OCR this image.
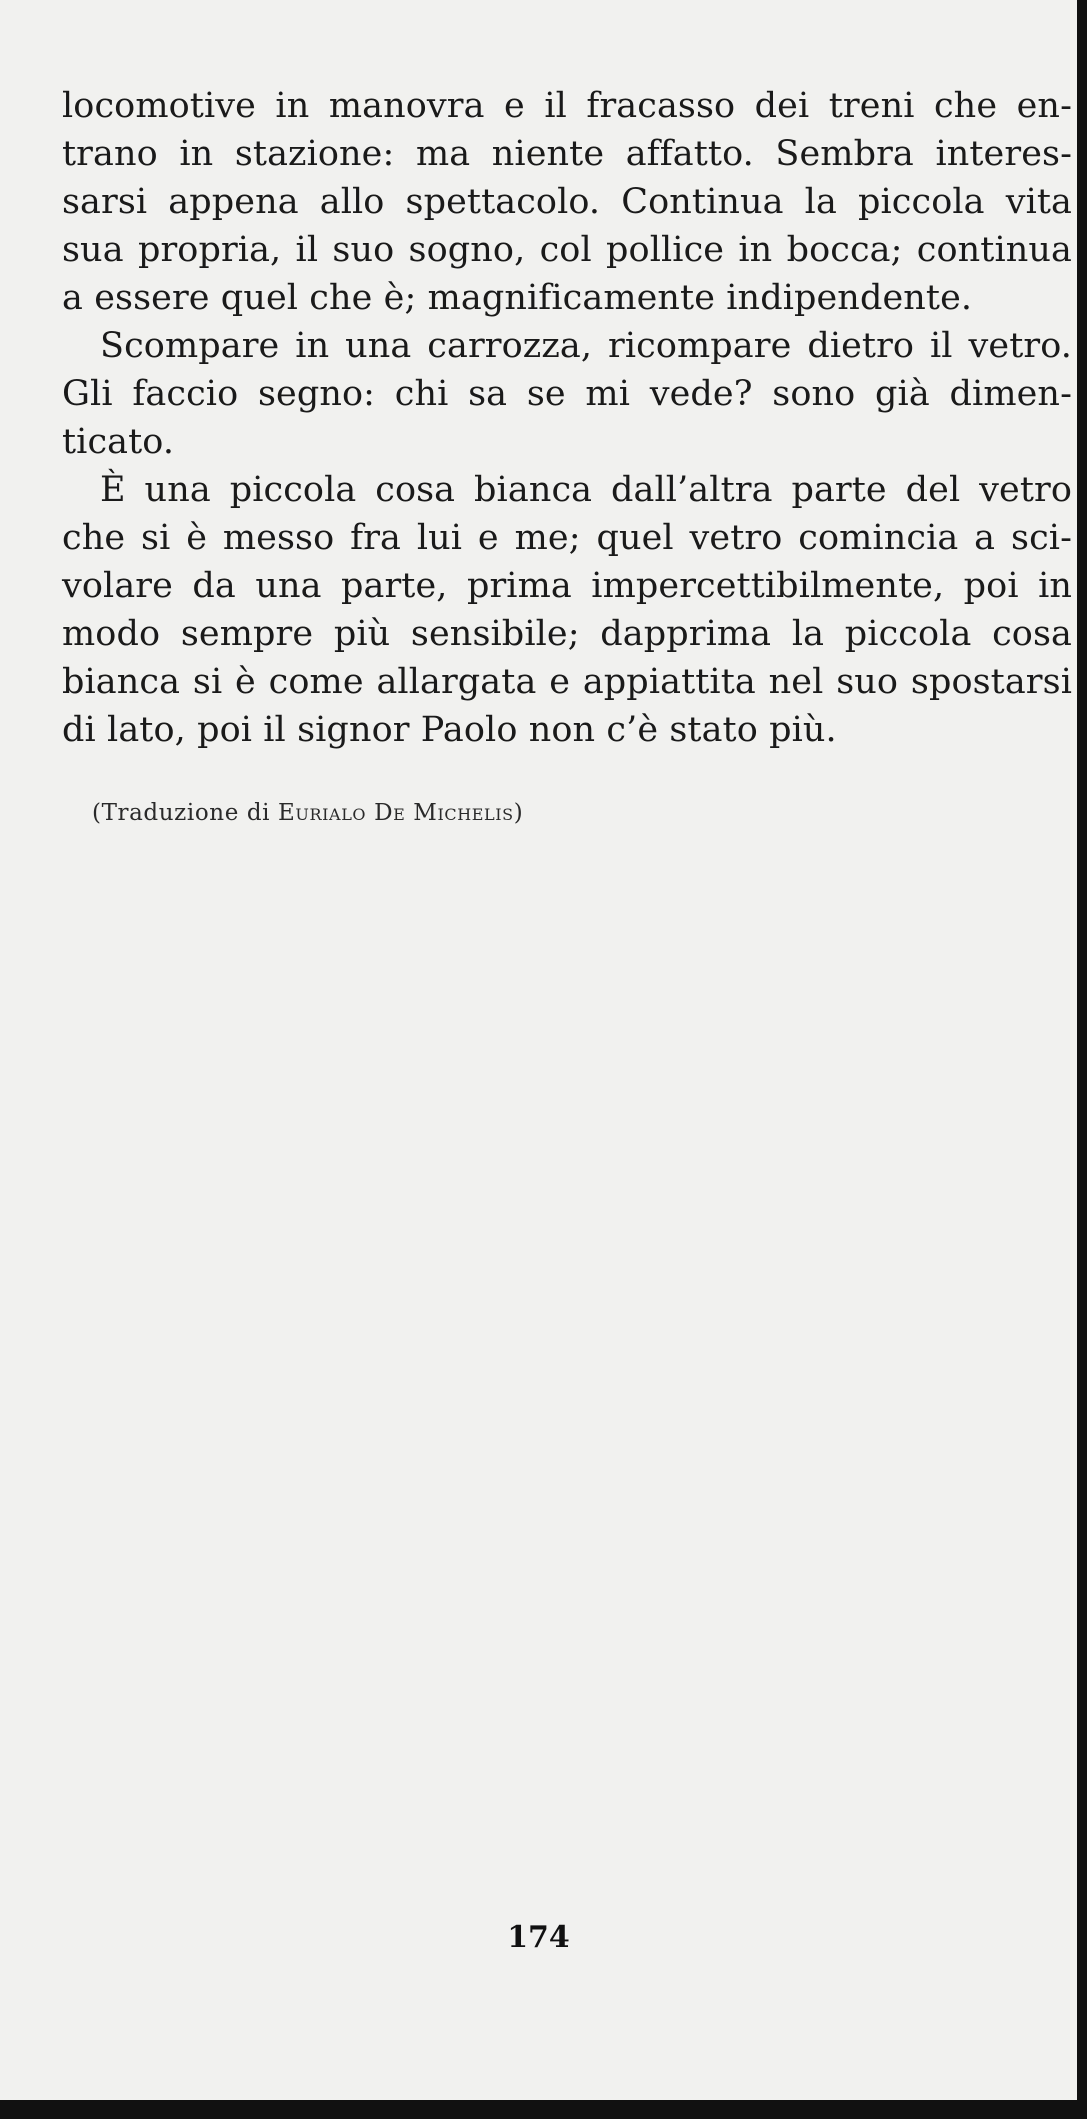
locomotive in manovra e il fracasso dei treni che en-
trano in stazione: ma niente affatto. Sembra interes-
sarsi appena allo spettacolo. Continua la piccola vita
sua propria, il suo sogno, col pollice in bocca; continua
a essere quel che è; magnificamente indipendente.
Scompare in una carrozza, ricompare dietro il vetro.
Gli faccio segno: chi sa se mi vede? sono già dimen-
ticato.
È una piccola cosa bianca dall’altra parte del vetro
che si è messo fra lui e me; quel vetro comincia a sci-
volare da una parte, prima impercettibilmente, poi in
modo sempre più sensibile; dapprima la piccola cosa
bianca si è come allargata e appiattita nel suo spostarsi
di lato, poi il signor Paolo non c’è stato più.
(Traduzione di Eurialo De Michelis)
174
